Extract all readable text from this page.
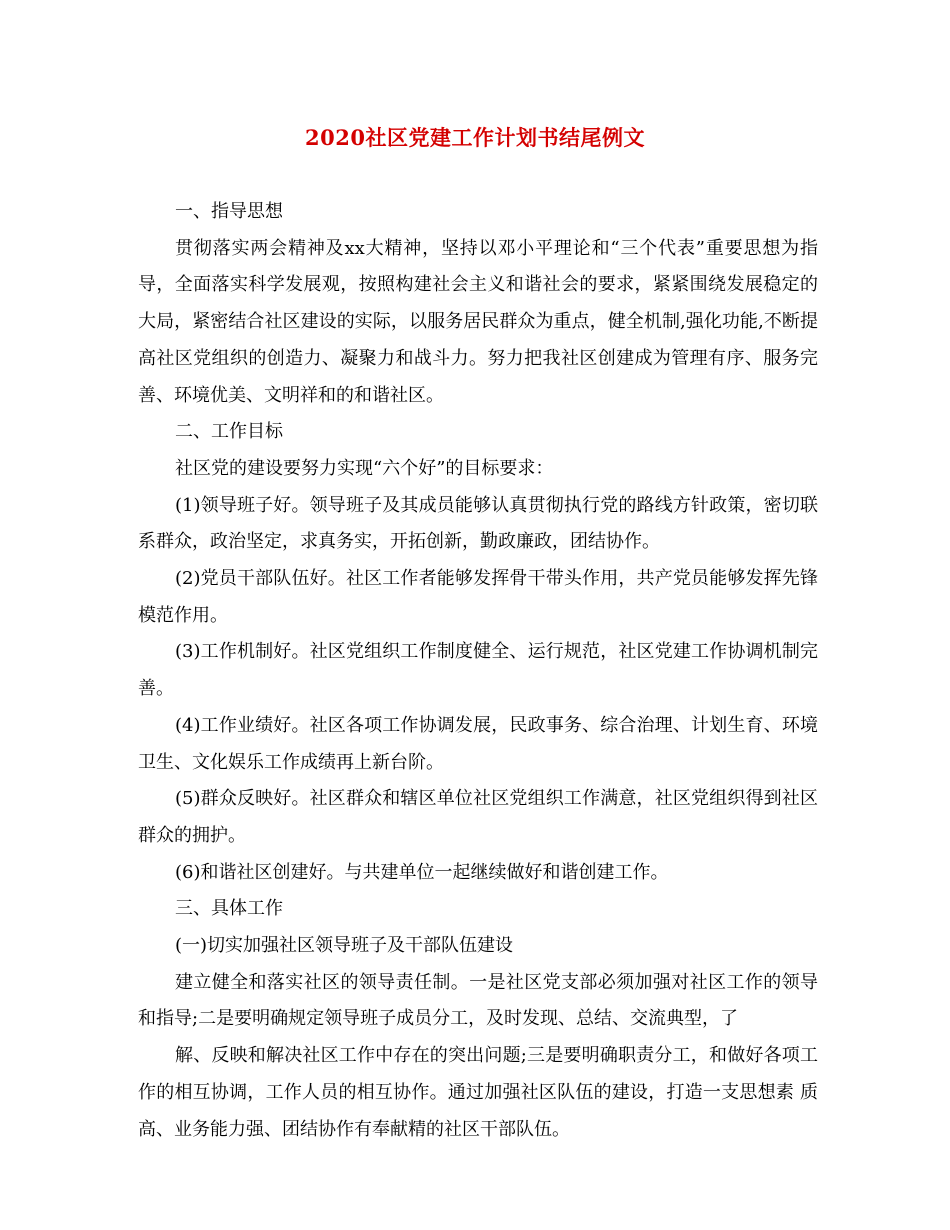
2020社区党建工作计划书结尾例文

一、指导思想

贯彻落实两会精神及xx大精神，坚持以邓小平理论和“三个代表”重要思想为指导，全面落实科学发展观，按照构建社会主义和谐社会的要求，紧紧围绕发展稳定的大局，紧密结合社区建设的实际，以服务居民群众为重点，健全机制,强化功能,不断提高社区党组织的创造力、凝聚力和战斗力。努力把我社区创建成为管理有序、服务完善、环境优美、文明祥和的和谐社区。

二、工作目标

社区党的建设要努力实现“六个好”的目标要求：

(1)领导班子好。领导班子及其成员能够认真贯彻执行党的路线方针政策，密切联系群众，政治坚定，求真务实，开拓创新，勤政廉政，团结协作。

(2)党员干部队伍好。社区工作者能够发挥骨干带头作用，共产党员能够发挥先锋模范作用。

(3)工作机制好。社区党组织工作制度健全、运行规范，社区党建工作协调机制完善。

(4)工作业绩好。社区各项工作协调发展，民政事务、综合治理、计划生育、环境卫生、文化娱乐工作成绩再上新台阶。

(5)群众反映好。社区群众和辖区单位社区党组织工作满意，社区党组织得到社区群众的拥护。

(6)和谐社区创建好。与共建单位一起继续做好和谐创建工作。

三、具体工作

(一)切实加强社区领导班子及干部队伍建设

建立健全和落实社区的领导责任制。一是社区党支部必须加强对社区工作的领导和指导;二是要明确规定领导班子成员分工，及时发现、总结、交流典型，了

解、反映和解决社区工作中存在的突出问题;三是要明确职责分工，和做好各项工 作的相互协调，工作人员的相互协作。通过加强社区队伍的建设，打造一支思想素 质高、业务能力强、团结协作有奉献精的社区干部队伍。
